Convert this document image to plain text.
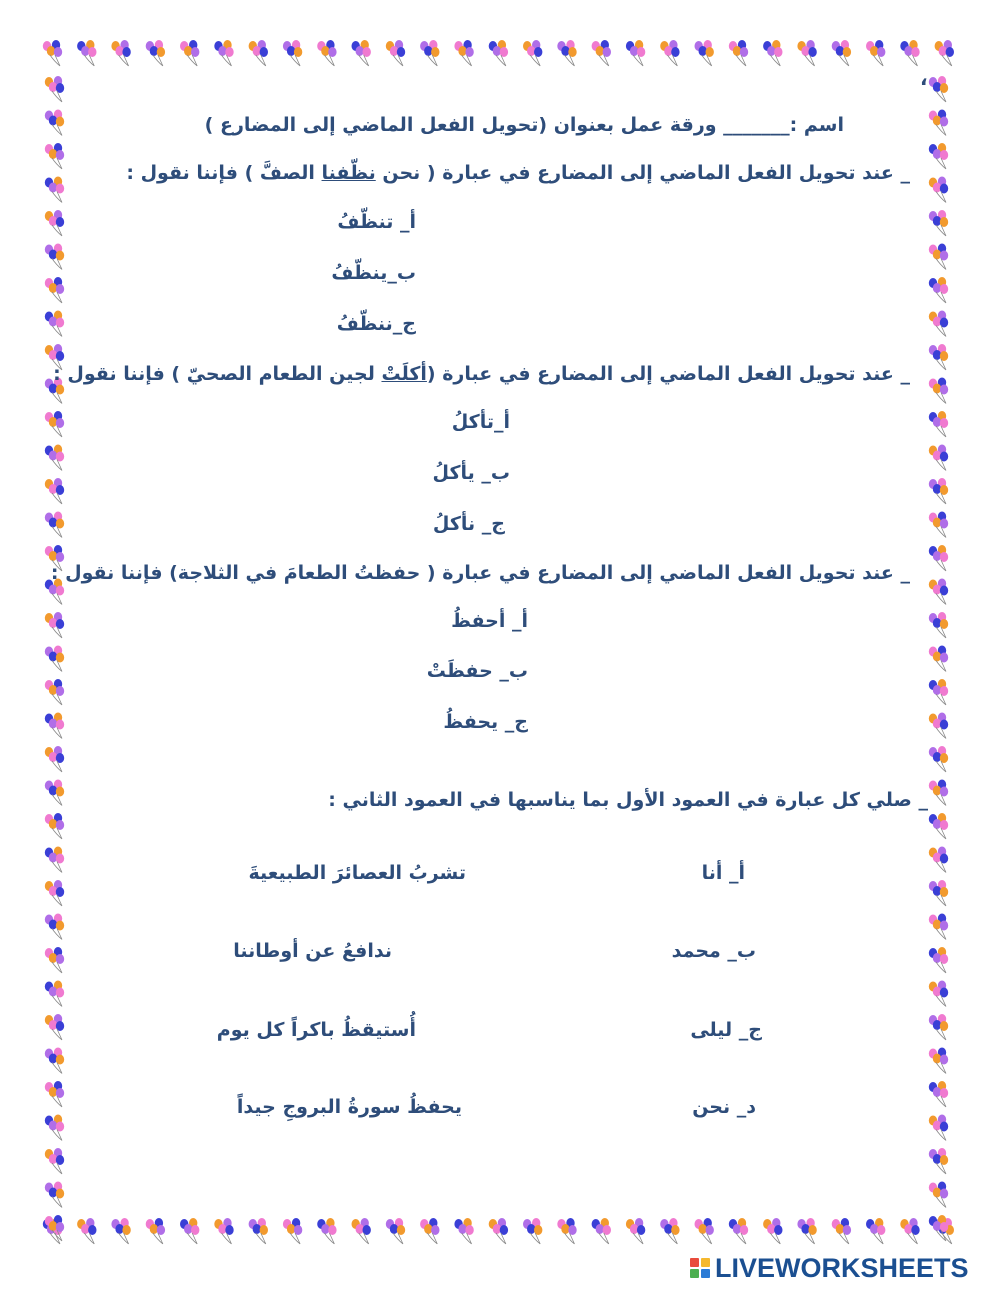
،
اسم :_______ ورقة عمل بعنوان (تحويل الفعل الماضي إلى المضارع )
_ عند تحويل الفعل الماضي إلى المضارع في عبارة ( نحن نظّفنا الصفَّ ) فإننا نقول :
أ_ تنظّفُ
ب_ينظّفُ
ج_ننظّفُ
_ عند تحويل الفعل الماضي إلى المضارع في عبارة (أكلَتْ لجين الطعام الصحيّ ) فإننا نقول :
أ_تأكلُ
ب_ يأكلُ
ج_ نأكلُ
_ عند تحويل الفعل الماضي إلى المضارع في عبارة ( حفظتُ الطعامَ في الثلاجة) فإننا نقول :
أ_ أحفظُ
ب_ حفظَتْ
ج_ يحفظُ
_ صلي كل عبارة في العمود الأول بما يناسبها في العمود الثاني :
أ_ أنا
ب_ محمد
ج_ ليلى
د_ نحن
تشربُ العصائرَ الطبيعيةَ
ندافعُ عن أوطاننا
أُستيقظُ باكراً كل يوم
يحفظُ سورةُ البروجِ جيداً
LIVEWORKSHEETS
